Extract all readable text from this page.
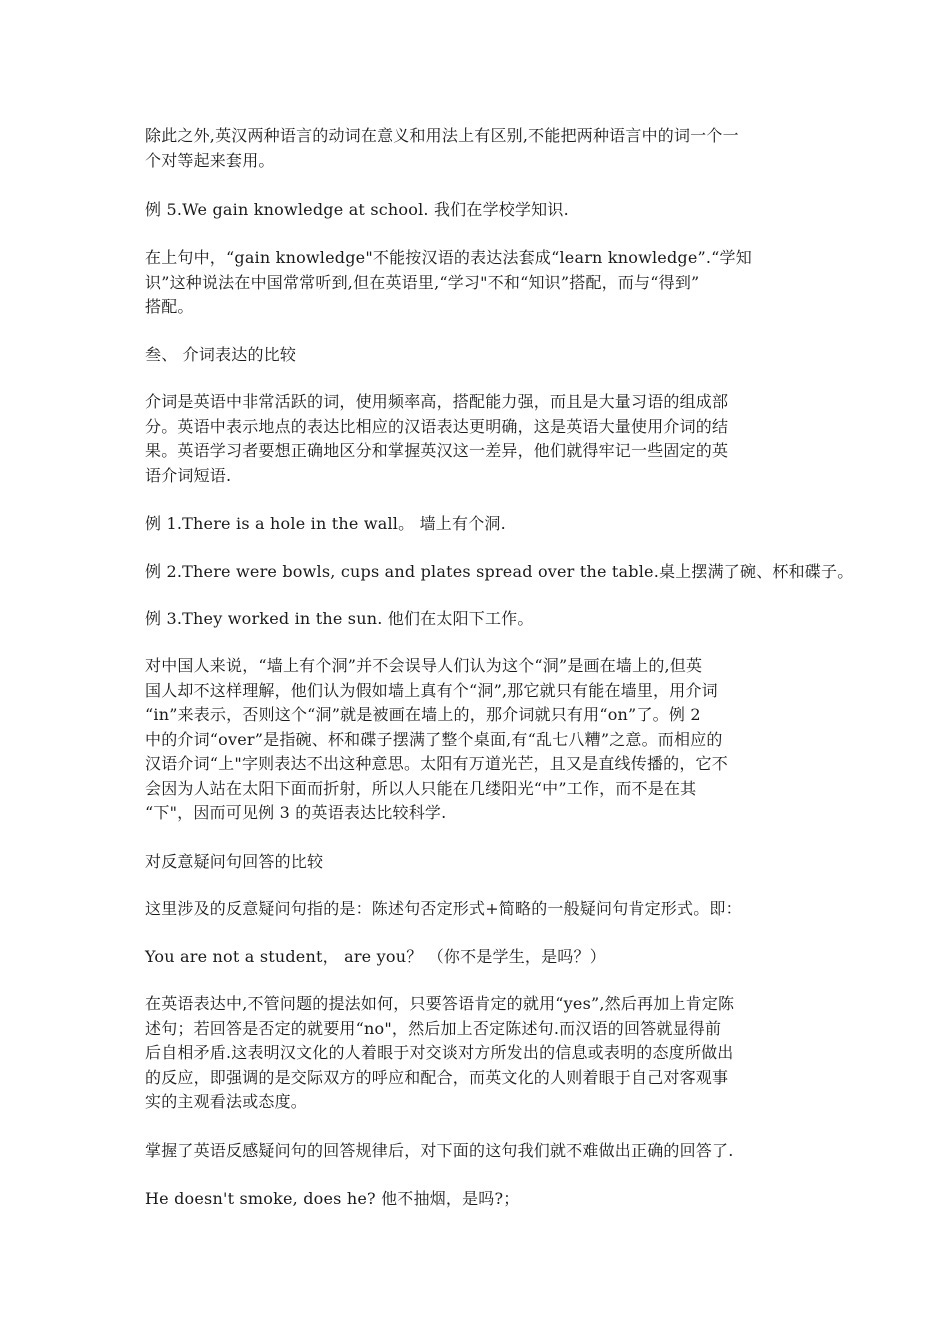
除此之外,英汉两种语言的动词在意义和用法上有区别,不能把两种语言中的词一个一
个对等起来套用。

例 5.We gain knowledge at school. 我们在学校学知识.

在上句中，“gain knowledge"不能按汉语的表达法套成“learn knowledge”.“学知
识”这种说法在中国常常听到,但在英语里,“学习"不和“知识”搭配，而与“得到”
搭配。

叁、 介词表达的比较

介词是英语中非常活跃的词，使用频率高，搭配能力强，而且是大量习语的组成部
分。英语中表示地点的表达比相应的汉语表达更明确，这是英语大量使用介词的结
果。英语学习者要想正确地区分和掌握英汉这一差异，他们就得牢记一些固定的英
语介词短语.

例 1.There is a hole in the wall。 墙上有个洞.

例 2.There were bowls, cups and plates spread over the table.桌上摆满了碗、杯和碟子。

例 3.They worked in the sun. 他们在太阳下工作。

对中国人来说，“墙上有个洞”并不会误导人们认为这个“洞”是画在墙上的,但英
国人却不这样理解，他们认为假如墙上真有个“洞”,那它就只有能在墙里，用介词
“in”来表示，否则这个“洞”就是被画在墙上的，那介词就只有用“on”了。例 2
中的介词“over”是指碗、杯和碟子摆满了整个桌面,有“乱七八糟”之意。而相应的
汉语介词“上"字则表达不出这种意思。太阳有万道光芒，且又是直线传播的，它不
会因为人站在太阳下面而折射，所以人只能在几缕阳光“中”工作，而不是在其
“下"，因而可见例 3 的英语表达比较科学.

对反意疑问句回答的比较

这里涉及的反意疑问句指的是：陈述句否定形式+简略的一般疑问句肯定形式。即：

You are not a student， are you？ （你不是学生，是吗？）

在英语表达中,不管问题的提法如何，只要答语肯定的就用“yes”,然后再加上肯定陈
述句；若回答是否定的就要用“no"，然后加上否定陈述句.而汉语的回答就显得前
后自相矛盾.这表明汉文化的人着眼于对交谈对方所发出的信息或表明的态度所做出
的反应，即强调的是交际双方的呼应和配合，而英文化的人则着眼于自己对客观事
实的主观看法或态度。

掌握了英语反感疑问句的回答规律后，对下面的这句我们就不难做出正确的回答了.

He doesn't smoke, does he? 他不抽烟，是吗?；
